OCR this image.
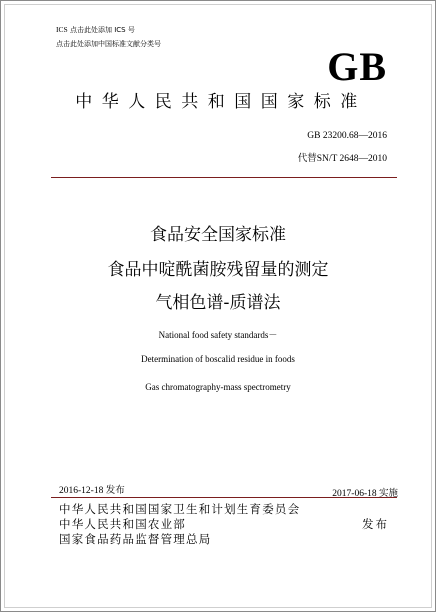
ICS 点击此处添加 ICS 号
点击此处添加中国标准文献分类号	GB
中华人民共和国国家标准
GB 23200.68—2016
代替SN/T 2648—2010
食品安全国家标准
食品中啶酰菌胺残留量的测定
气相色谱-质谱法
National food safety standards－
Determination of boscalid residue in foods
Gas chromatography-mass spectrometry
2016-12-18 发布	2017-06-18 实施
中华人民共和国国家卫生和计划生育委员会
中华人民共和国农业部
国家食品药品监督管理总局
发布
